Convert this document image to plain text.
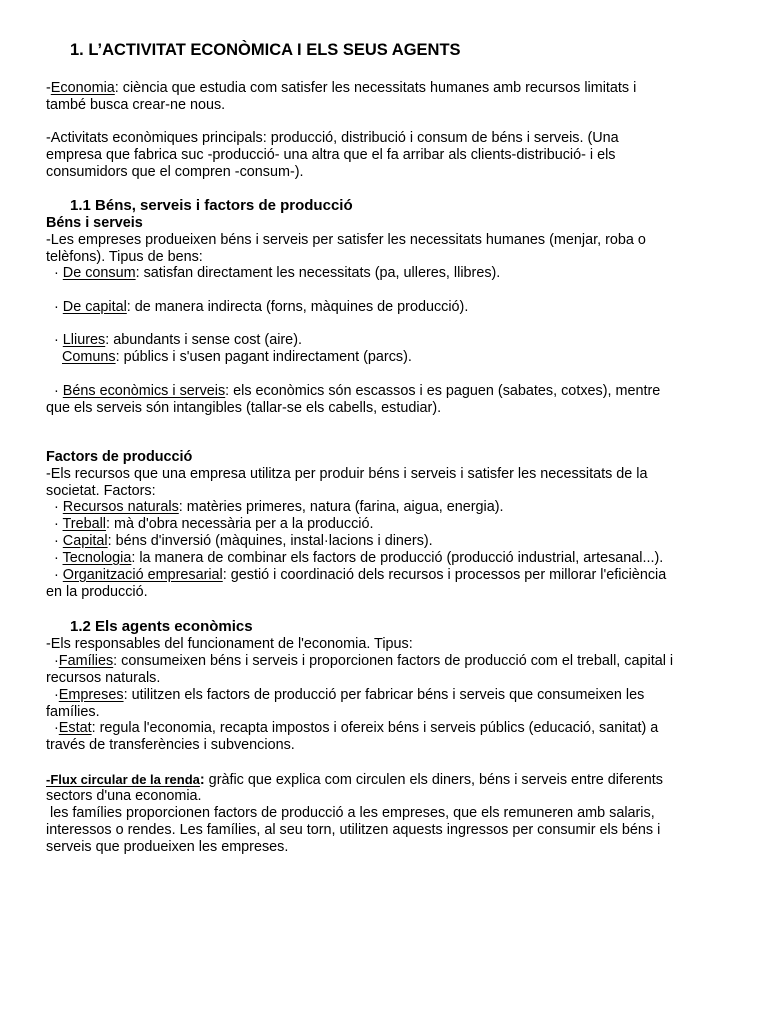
1. L’ACTIVITAT ECONÒMICA I ELS SEUS AGENTS
-Economia: ciència que estudia com satisfer les necessitats humanes amb recursos limitats i
també busca crear-ne nous.
-Activitats econòmiques principals: producció, distribució i consum de béns i serveis. (Una
empresa que fabrica suc -producció- una altra que el fa arribar als clients-distribució- i els
consumidors que el compren -consum-).
1.1 Béns, serveis i factors de producció
Béns i serveis
-Les empreses produeixen béns i serveis per satisfer les necessitats humanes (menjar, roba o
telèfons). Tipus de bens:
· De consum: satisfan directament les necessitats (pa, ulleres, llibres).
· De capital: de manera indirecta (forns, màquines de producció).
· Lliures: abundants i sense cost (aire).
Comuns: públics i s'usen pagant indirectament (parcs).
· Béns econòmics i serveis: els econòmics són escassos i es paguen (sabates, cotxes), mentre
que els serveis són intangibles (tallar-se els cabells, estudiar).
Factors de producció
-Els recursos que una empresa utilitza per produir béns i serveis i satisfer les necessitats de la
societat. Factors:
· Recursos naturals: matèries primeres, natura (farina, aigua, energia).
· Treball: mà d'obra necessària per a la producció.
· Capital: béns d'inversió (màquines, instal·lacions i diners).
· Tecnologia: la manera de combinar els factors de producció (producció industrial, artesanal...).
· Organització empresarial: gestió i coordinació dels recursos i processos per millorar l'eficiència
en la producció.
1.2 Els agents econòmics
-Els responsables del funcionament de l'economia. Tipus:
·Famílies: consumeixen béns i serveis i proporcionen factors de producció com el treball, capital i
recursos naturals.
·Empreses: utilitzen els factors de producció per fabricar béns i serveis que consumeixen les
famílies.
·Estat: regula l'economia, recapta impostos i ofereix béns i serveis públics (educació, sanitat) a
través de transferències i subvencions.
-Flux circular de la renda: gràfic que explica com circulen els diners, béns i serveis entre diferents
sectors d'una economia.
les famílies proporcionen factors de producció a les empreses, que els remuneren amb salaris,
interessos o rendes. Les famílies, al seu torn, utilitzen aquests ingressos per consumir els béns i
serveis que produeixen les empreses.
